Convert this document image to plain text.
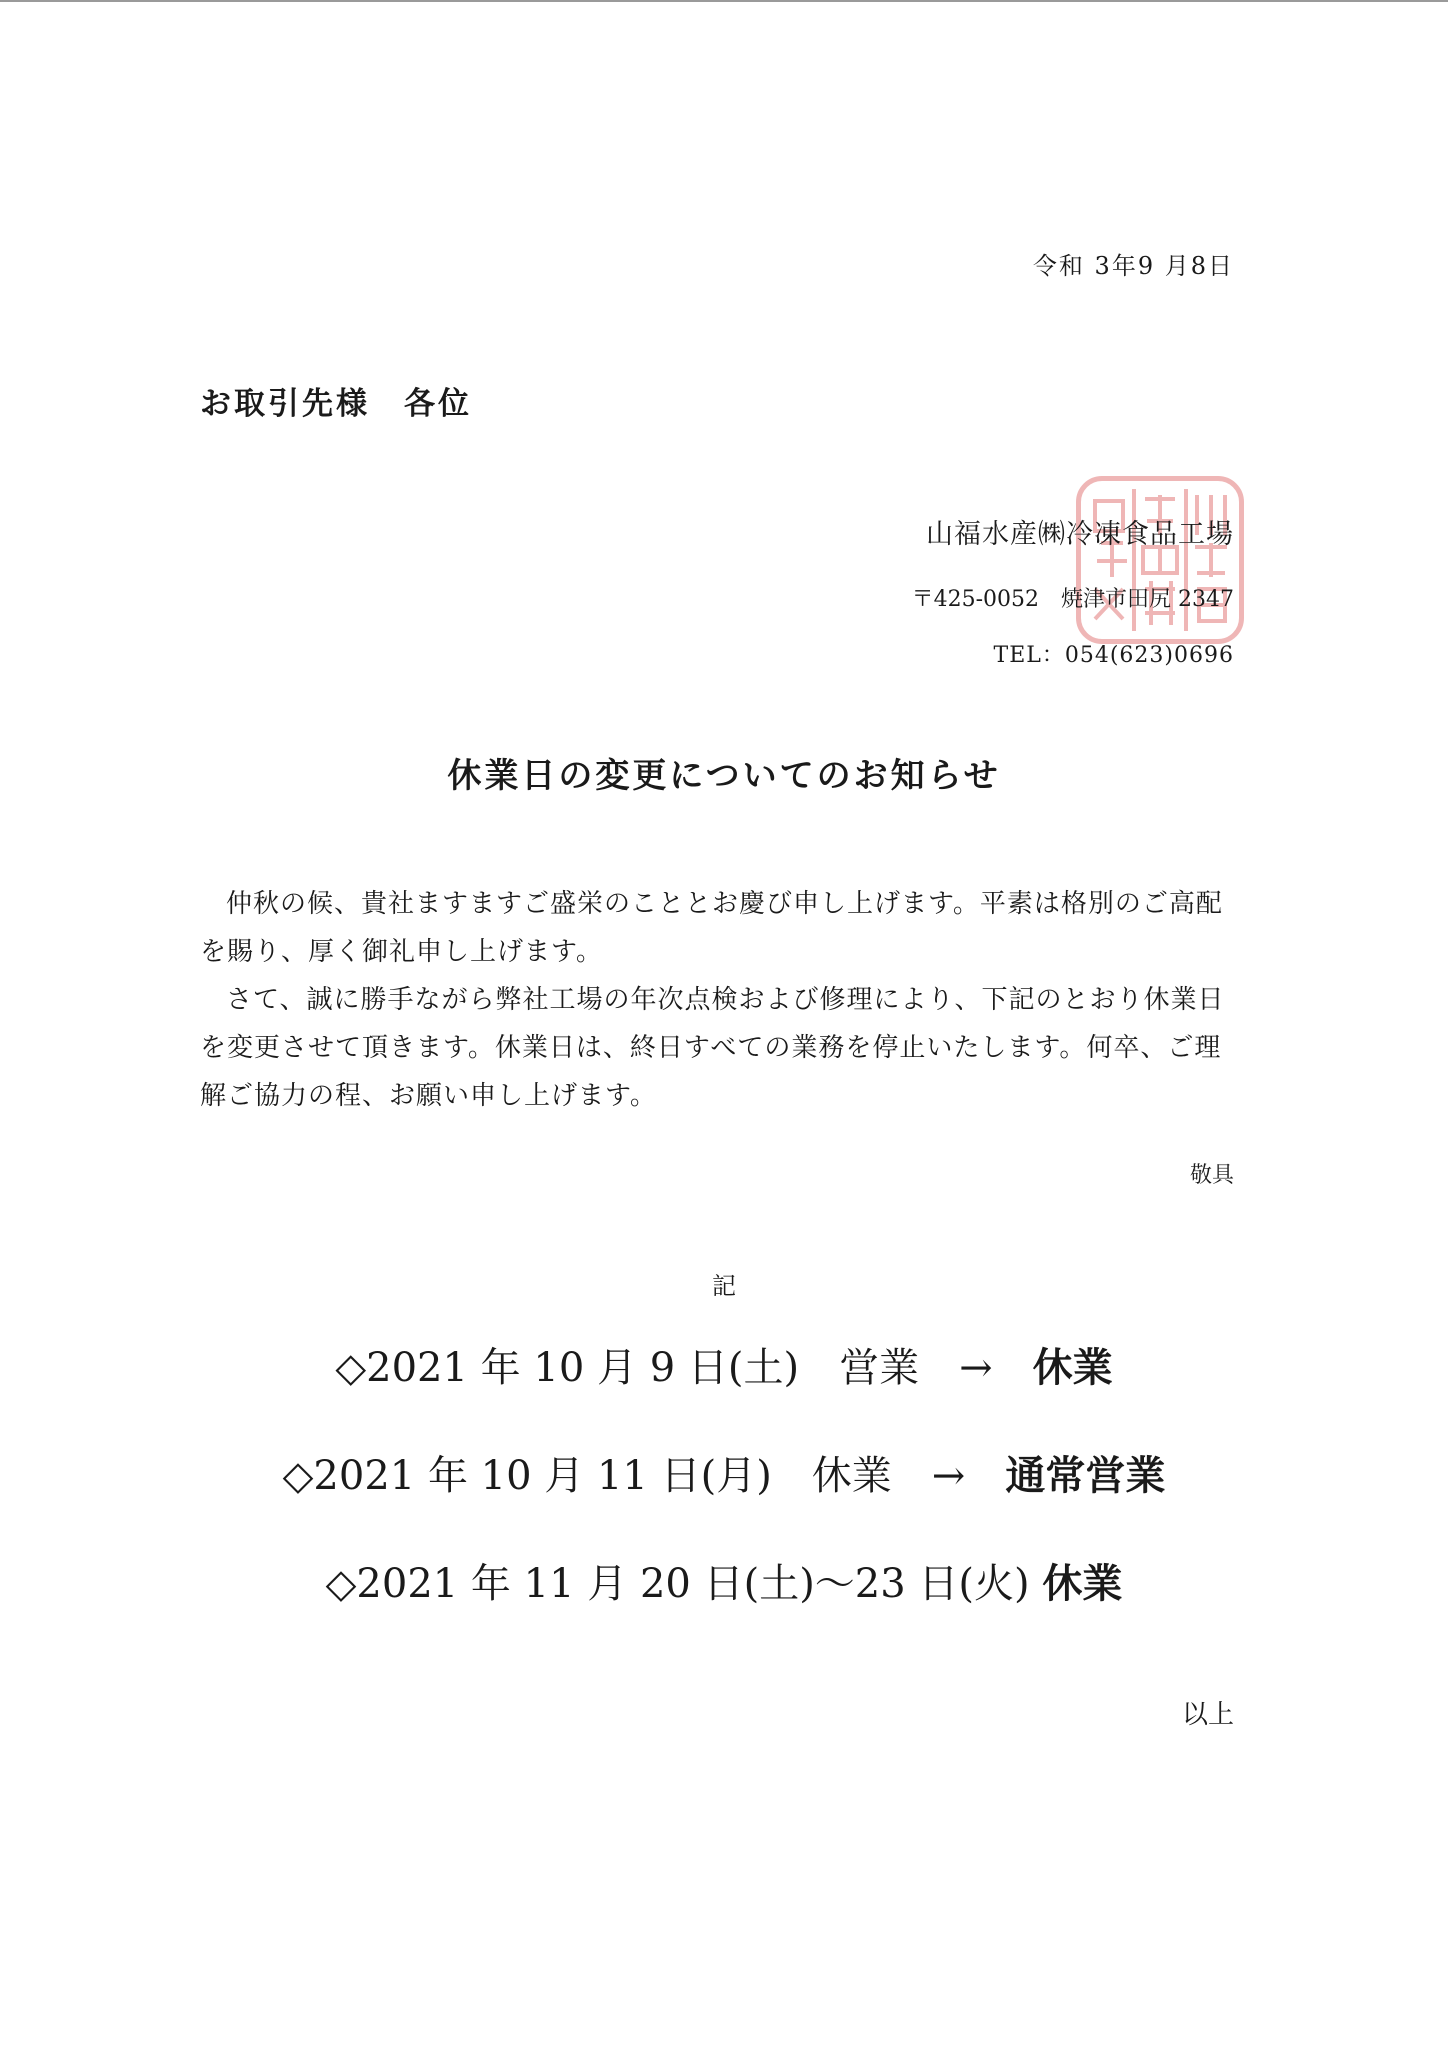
令和 3年9 月8日
お取引先様　各位
山福水産㈱冷凍食品工場
〒425-0052　焼津市田尻 2347
TEL：054(623)0696
休業日の変更についてのお知らせ

仲秋の候、貴社ますますご盛栄のこととお慶び申し上げます。平素は格別のご高配を賜り、厚く御礼申し上げます。

さて、誠に勝手ながら弊社工場の年次点検および修理により、下記のとおり休業日を変更させて頂きます。休業日は、終日すべての業務を停止いたします。何卒、ご理解ご協力の程、お願い申し上げます。

敬具
記
◇2021 年 10 月 9 日(土)　営業　→　休業
◇2021 年 10 月 11 日(月)　休業　→　通常営業
◇2021 年 11 月 20 日(土)～23 日(火) 休業
以上
